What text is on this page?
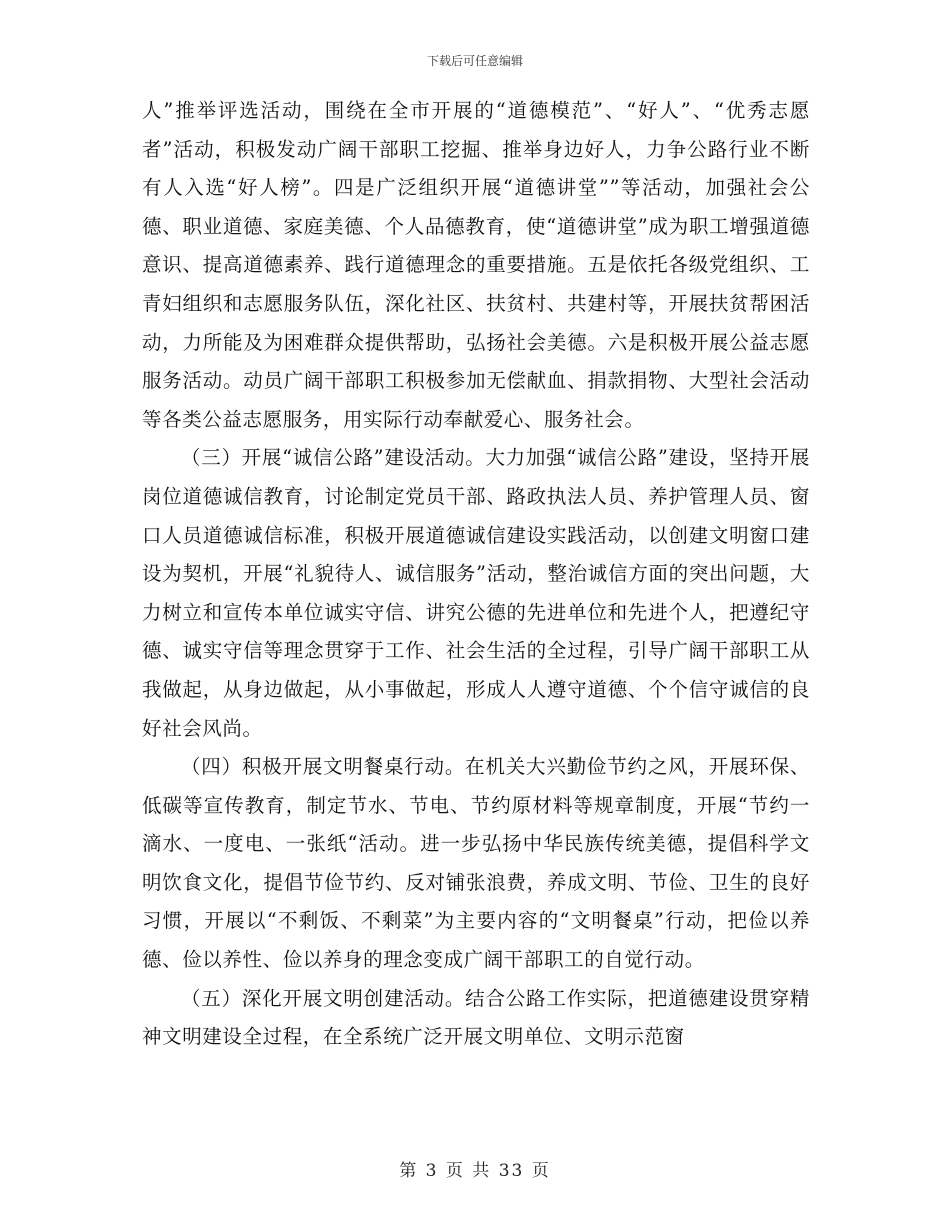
下载后可任意编辑

人”推举评选活动，围绕在全市开展的“道德模范”、“好人”、“优秀志愿者”活动，积极发动广阔干部职工挖掘、推举身边好人，力争公路行业不断有人入选“好人榜”。四是广泛组织开展“道德讲堂””等活动，加强社会公德、职业道德、家庭美德、个人品德教育，使“道德讲堂”成为职工增强道德意识、提高道德素养、践行道德理念的重要措施。五是依托各级党组织、工青妇组织和志愿服务队伍，深化社区、扶贫村、共建村等，开展扶贫帮困活动，力所能及为困难群众提供帮助，弘扬社会美德。六是积极开展公益志愿服务活动。动员广阔干部职工积极参加无偿献血、捐款捐物、大型社会活动等各类公益志愿服务，用实际行动奉献爱心、服务社会。

（三）开展“诚信公路”建设活动。大力加强“诚信公路”建设，坚持开展岗位道德诚信教育，讨论制定党员干部、路政执法人员、养护管理人员、窗口人员道德诚信标准，积极开展道德诚信建设实践活动，以创建文明窗口建设为契机，开展“礼貌待人、诚信服务”活动，整治诚信方面的突出问题，大力树立和宣传本单位诚实守信、讲究公德的先进单位和先进个人，把遵纪守德、诚实守信等理念贯穿于工作、社会生活的全过程，引导广阔干部职工从我做起，从身边做起，从小事做起，形成人人遵守道德、个个信守诚信的良好社会风尚。

（四）积极开展文明餐桌行动。在机关大兴勤俭节约之风，开展环保、低碳等宣传教育，制定节水、节电、节约原材料等规章制度，开展“节约一滴水、一度电、一张纸“活动。进一步弘扬中华民族传统美德，提倡科学文明饮食文化，提倡节俭节约、反对铺张浪费，养成文明、节俭、卫生的良好习惯，开展以“不剩饭、不剩菜”为主要内容的“文明餐桌”行动，把俭以养德、俭以养性、俭以养身的理念变成广阔干部职工的自觉行动。

（五）深化开展文明创建活动。结合公路工作实际，把道德建设贯穿精神文明建设全过程，在全系统广泛开展文明单位、文明示范窗

第 3 页 共 33 页
